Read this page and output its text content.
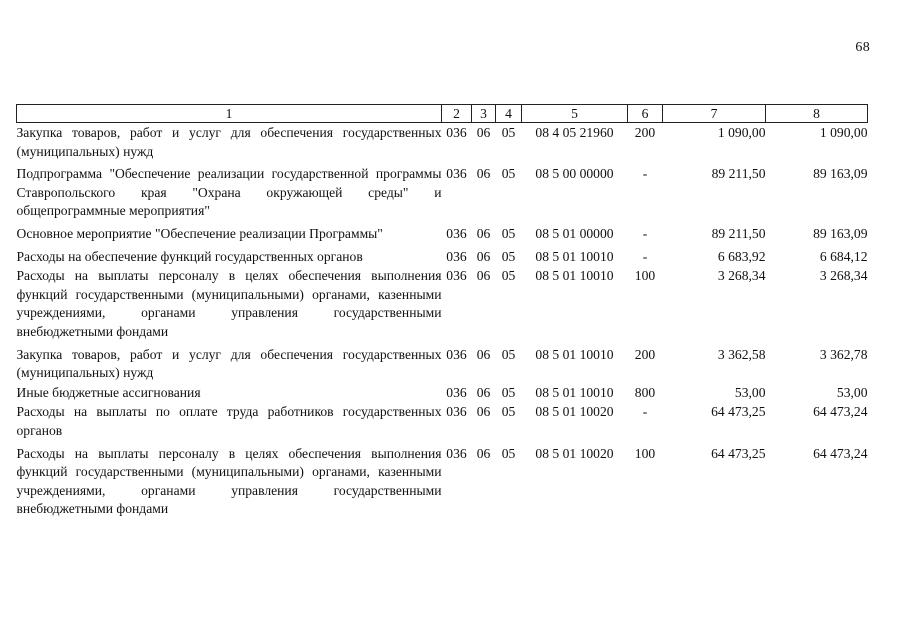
68
1	2	3	4	5	6	7	8
Закупка товаров, работ и услуг для обеспечения государственных (муниципальных) нужд	036	06	05	08 4 05 21960	200	1 090,00	1 090,00
Подпрограмма "Обеспечение реализации государственной программы Ставропольского края "Охрана окружающей среды" и общепрограммные мероприятия"	036	06	05	08 5 00 00000	-	89 211,50	89 163,09
Основное мероприятие "Обеспечение реализации Программы"	036	06	05	08 5 01 00000	-	89 211,50	89 163,09
Расходы на обеспечение функций государственных органов	036	06	05	08 5 01 10010	-	6 683,92	6 684,12
Расходы на выплаты персоналу в целях обеспечения выполнения функций государственными (муниципальными) органами, казенными учреждениями, органами управления государственными внебюджетными фондами	036	06	05	08 5 01 10010	100	3 268,34	3 268,34
Закупка товаров, работ и услуг для обеспечения государственных (муниципальных) нужд	036	06	05	08 5 01 10010	200	3 362,58	3 362,78
Иные бюджетные ассигнования	036	06	05	08 5 01 10010	800	53,00	53,00
Расходы на выплаты по оплате труда работников государственных органов	036	06	05	08 5 01 10020	-	64 473,25	64 473,24
Расходы на выплаты персоналу в целях обеспечения выполнения функций государственными (муниципальными) органами, казенными учреждениями, органами управления государственными внебюджетными фондами	036	06	05	08 5 01 10020	100	64 473,25	64 473,24
